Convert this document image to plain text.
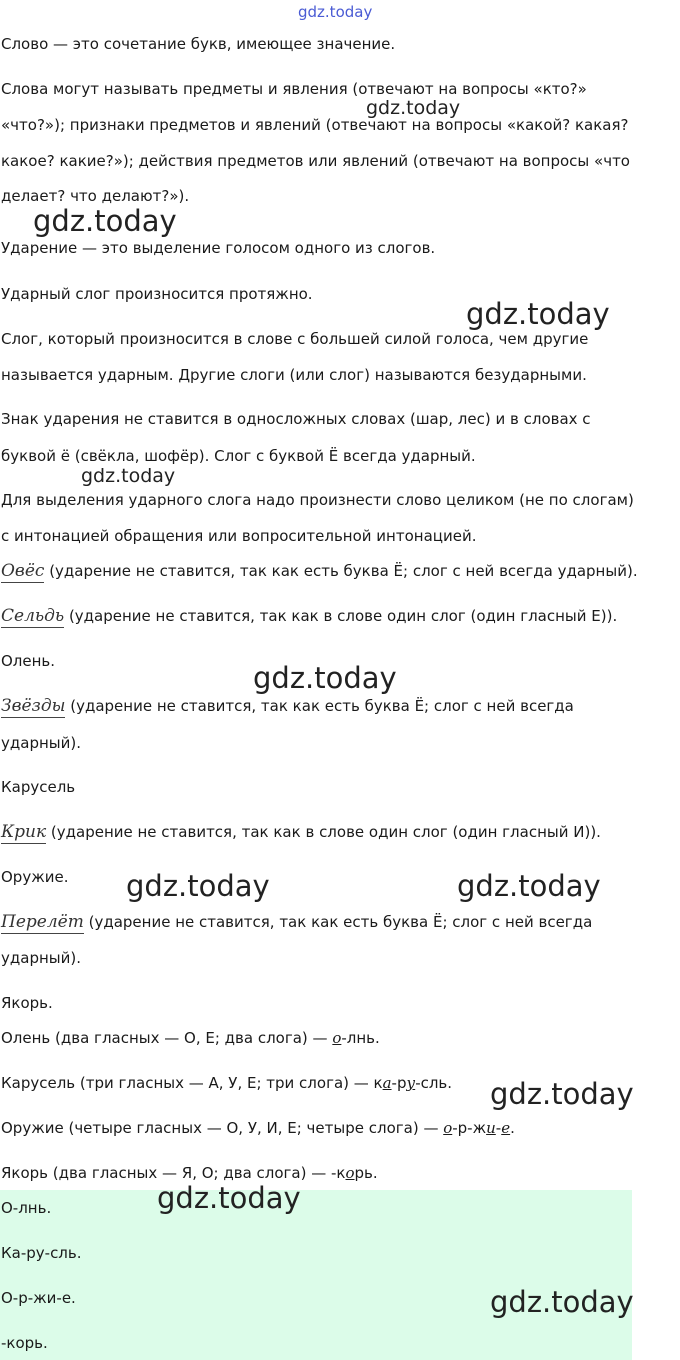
Слово — это сочетание букв, имеющее значение.
Слова могут называть предметы и явления (отвечают на вопросы «кто?»
«что?»); признаки предметов и явлений (отвечают на вопросы «какой? какая?
какое? какие?»); действия предметов или явлений (отвечают на вопросы «что
делает? что делают?»).
Ударение — это выделение голосом одного из слогов.
Ударный слог произносится протяжно.
Слог, который произносится в слове с большей силой голоса, чем другие
называется ударным. Другие слоги (или слог) называются безударными.
Знак ударения не ставится в односложных словах (шар, лес) и в словах с
буквой ё (свёкла, шофёр). Слог с буквой Ё всегда ударный.
Для выделения ударного слога надо произнести слово целиком (не по слогам)
с интонацией обращения или вопросительной интонацией.
Овёс (ударение не ставится, так как есть буква Ё; слог с ней всегда ударный).
Сельдь (ударение не ставится, так как в слове один слог (один гласный Е)).
Олень.
Звёзды (ударение не ставится, так как есть буква Ё; слог с ней всегда
ударный).
Карусель
Крик (ударение не ставится, так как в слове один слог (один гласный И)).
Оружие.
Перелёт (ударение не ставится, так как есть буква Ё; слог с ней всегда
ударный).
Якорь.
Олень (два гласных — О, Е; два слога) — о-лнь.
Карусель (три гласных — А, У, Е; три слога) — ка-ру-сль.
Оружие (четыре гласных — О, У, И, Е; четыре слога) — о-р-жи-е.
Якорь (два гласных — Я, О; два слога) — -корь.
О-лнь.
Ка-ру-сль.
О-р-жи-е.
-корь.
gdz.today
gdz.today
gdz.today
gdz.today
gdz.today
gdz.today
gdz.today	gdz.today
gdz.today
gdz.today
gdz.today
